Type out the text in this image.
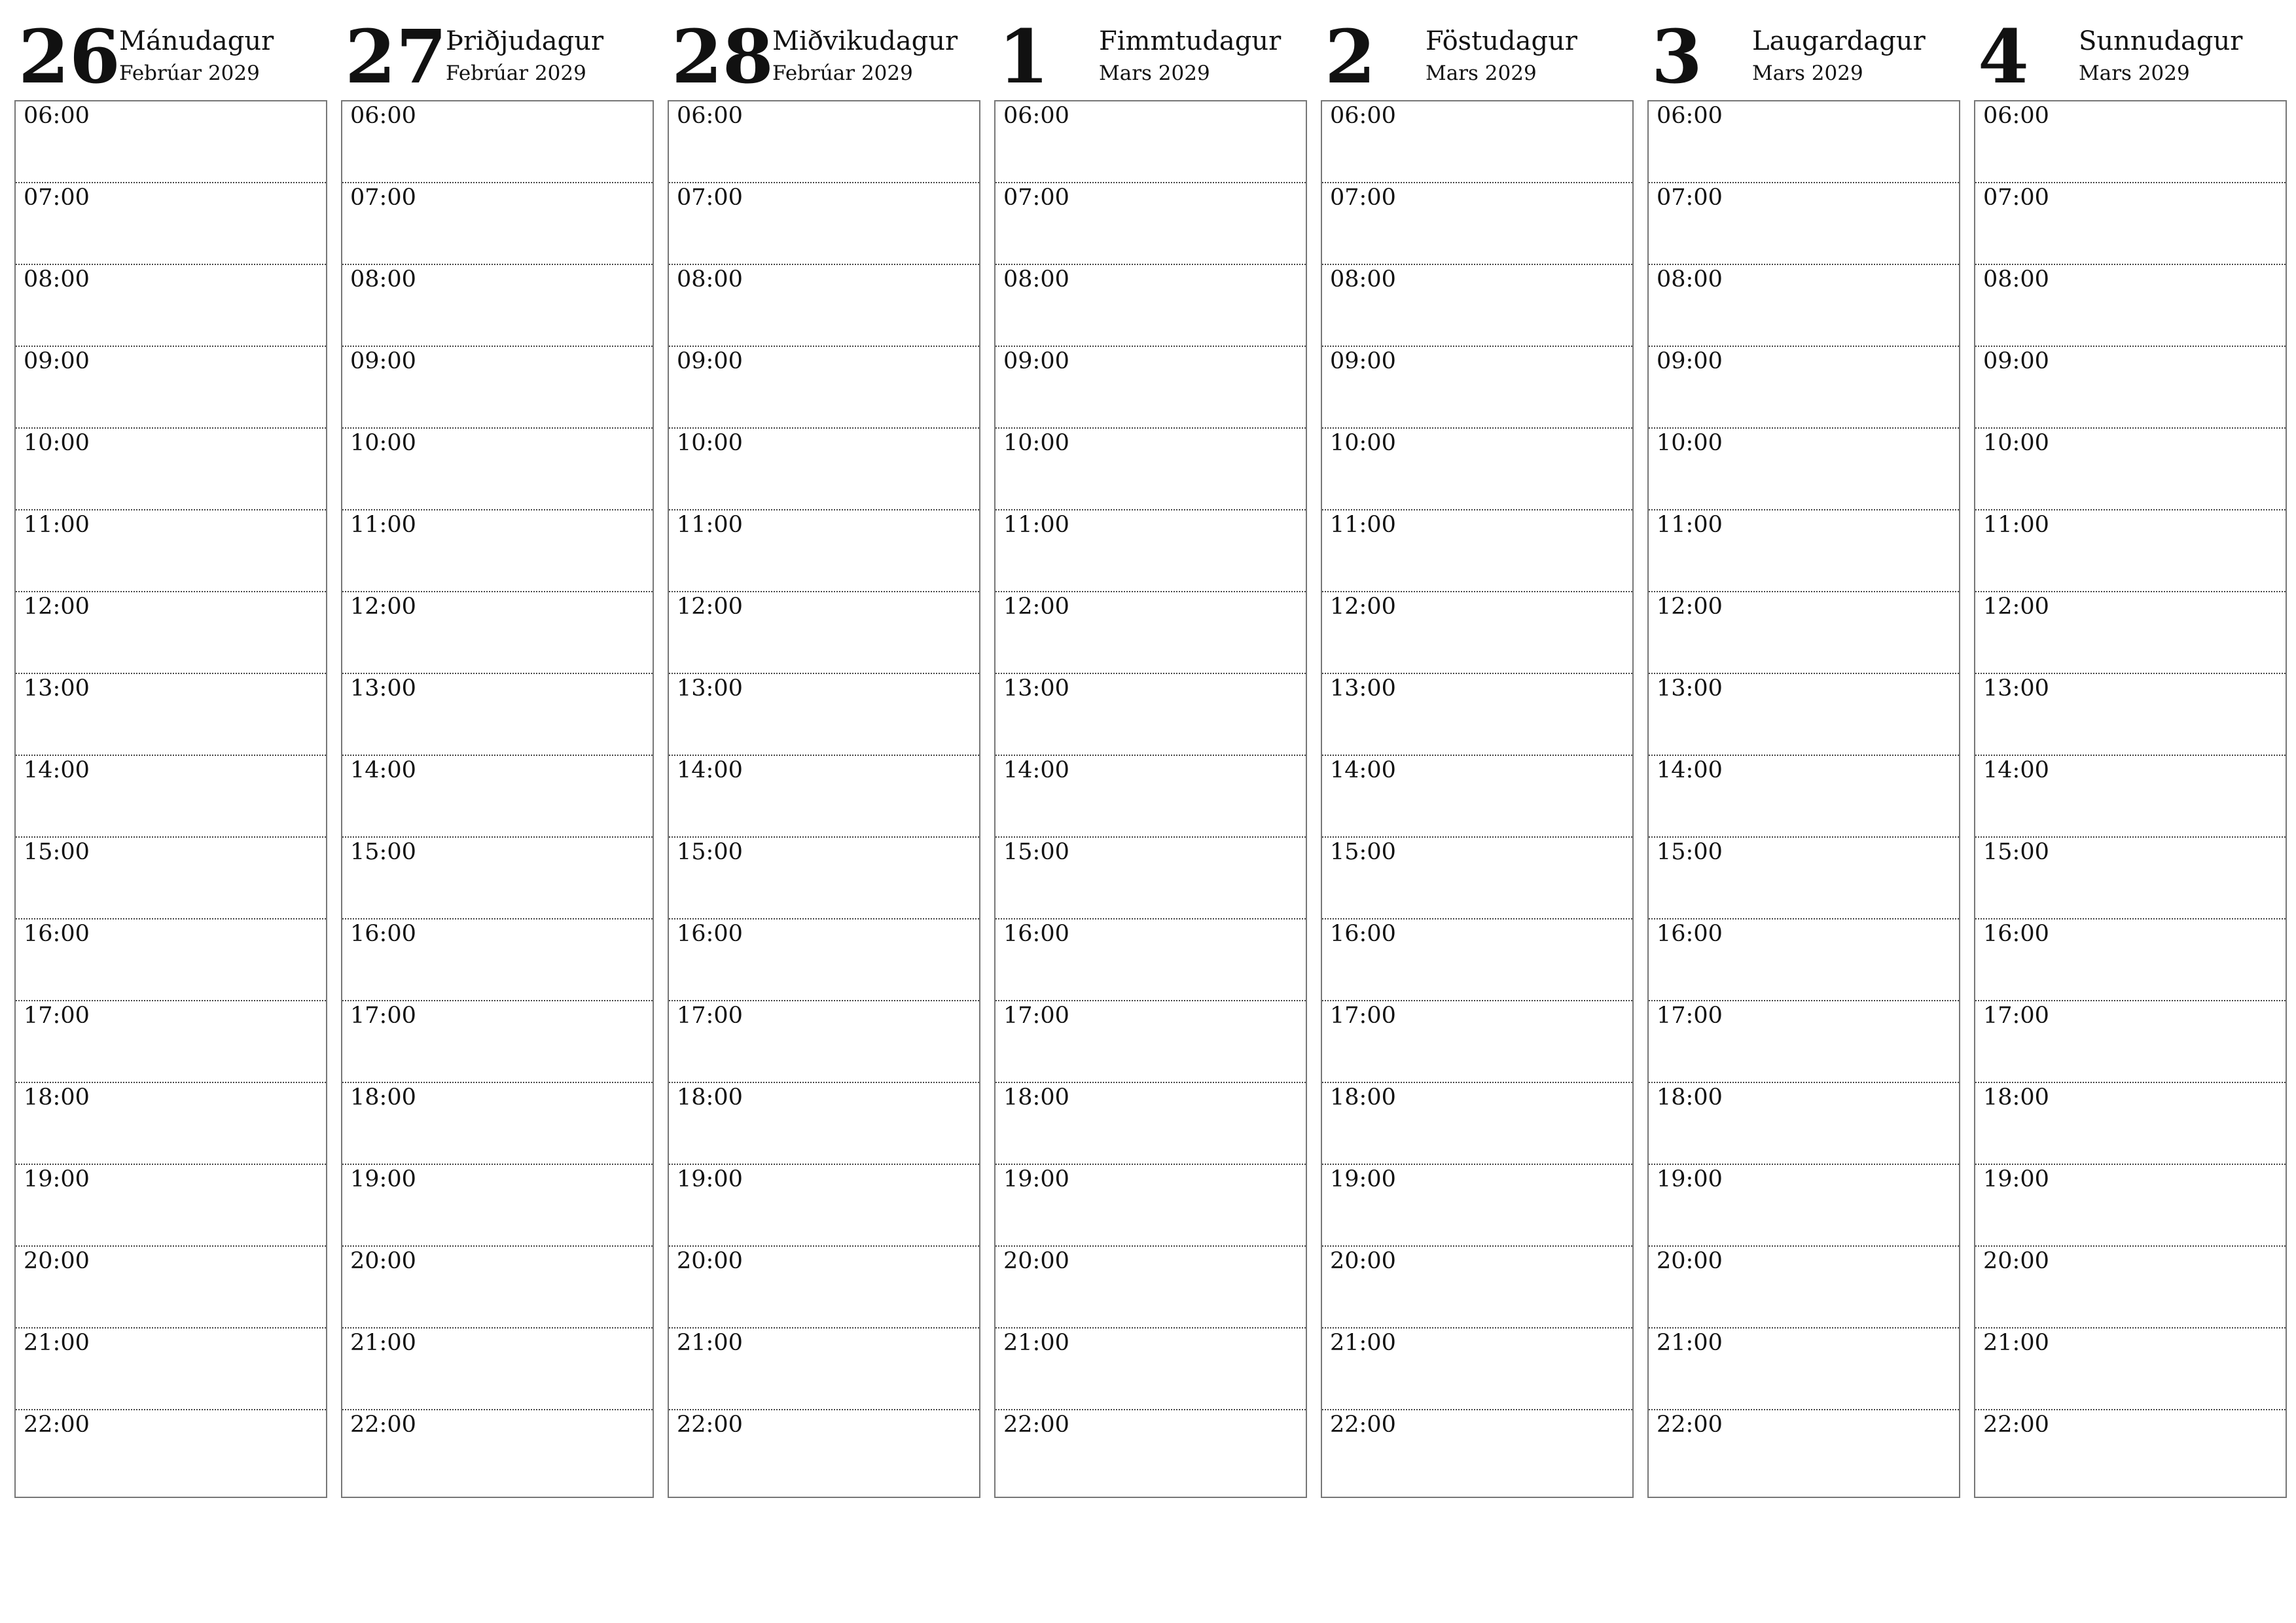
26
Mánudagur
Febrúar 2029
06:00
07:00
08:00
09:00
10:00
11:00
12:00
13:00
14:00
15:00
16:00
17:00
18:00
19:00
20:00
21:00
22:00
27
Þriðjudagur
Febrúar 2029
06:00
07:00
08:00
09:00
10:00
11:00
12:00
13:00
14:00
15:00
16:00
17:00
18:00
19:00
20:00
21:00
22:00
28
Miðvikudagur
Febrúar 2029
06:00
07:00
08:00
09:00
10:00
11:00
12:00
13:00
14:00
15:00
16:00
17:00
18:00
19:00
20:00
21:00
22:00
1 Fimmtudagur
Mars 2029
06:00
07:00
08:00
09:00
10:00
11:00
12:00
13:00
14:00
15:00
16:00
17:00
18:00
19:00
20:00
21:00
22:00
2 Föstudagur
Mars 2029
06:00
07:00
08:00
09:00
10:00
11:00
12:00
13:00
14:00
15:00
16:00
17:00
18:00
19:00
20:00
21:00
22:00
3 Laugardagur
Mars 2029
06:00
07:00
08:00
09:00
10:00
11:00
12:00
13:00
14:00
15:00
16:00
17:00
18:00
19:00
20:00
21:00
22:00
4 Sunnudagur
Mars 2029
06:00
07:00
08:00
09:00
10:00
11:00
12:00
13:00
14:00
15:00
16:00
17:00
18:00
19:00
20:00
21:00
22:00
